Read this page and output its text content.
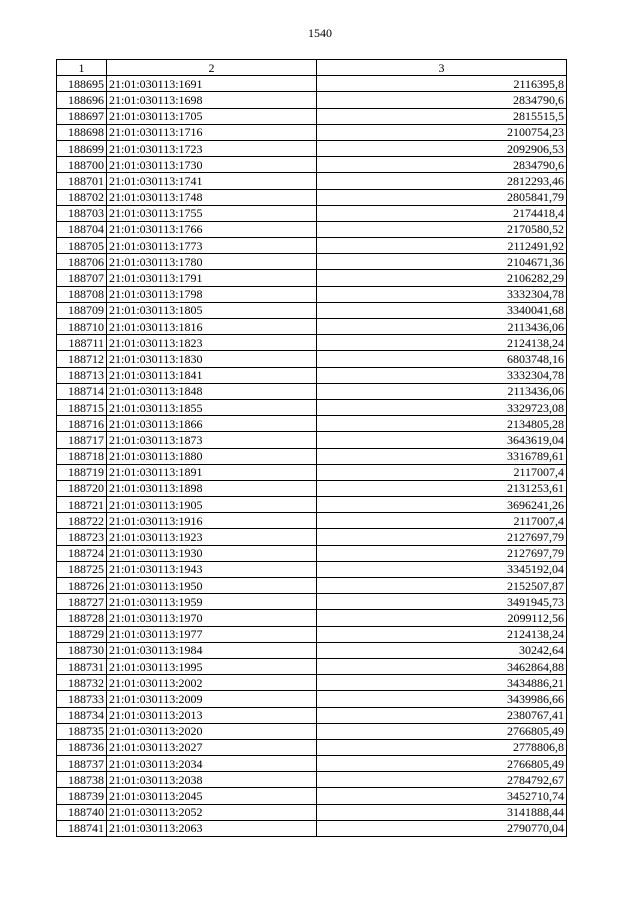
1540
1	2	3
188695	21:01:030113:1691	2116395,8
188696	21:01:030113:1698	2834790,6
188697	21:01:030113:1705	2815515,5
188698	21:01:030113:1716	2100754,23
188699	21:01:030113:1723	2092906,53
188700	21:01:030113:1730	2834790,6
188701	21:01:030113:1741	2812293,46
188702	21:01:030113:1748	2805841,79
188703	21:01:030113:1755	2174418,4
188704	21:01:030113:1766	2170580,52
188705	21:01:030113:1773	2112491,92
188706	21:01:030113:1780	2104671,36
188707	21:01:030113:1791	2106282,29
188708	21:01:030113:1798	3332304,78
188709	21:01:030113:1805	3340041,68
188710	21:01:030113:1816	2113436,06
188711	21:01:030113:1823	2124138,24
188712	21:01:030113:1830	6803748,16
188713	21:01:030113:1841	3332304,78
188714	21:01:030113:1848	2113436,06
188715	21:01:030113:1855	3329723,08
188716	21:01:030113:1866	2134805,28
188717	21:01:030113:1873	3643619,04
188718	21:01:030113:1880	3316789,61
188719	21:01:030113:1891	2117007,4
188720	21:01:030113:1898	2131253,61
188721	21:01:030113:1905	3696241,26
188722	21:01:030113:1916	2117007,4
188723	21:01:030113:1923	2127697,79
188724	21:01:030113:1930	2127697,79
188725	21:01:030113:1943	3345192,04
188726	21:01:030113:1950	2152507,87
188727	21:01:030113:1959	3491945,73
188728	21:01:030113:1970	2099112,56
188729	21:01:030113:1977	2124138,24
188730	21:01:030113:1984	30242,64
188731	21:01:030113:1995	3462864,88
188732	21:01:030113:2002	3434886,21
188733	21:01:030113:2009	3439986,66
188734	21:01:030113:2013	2380767,41
188735	21:01:030113:2020	2766805,49
188736	21:01:030113:2027	2778806,8
188737	21:01:030113:2034	2766805,49
188738	21:01:030113:2038	2784792,67
188739	21:01:030113:2045	3452710,74
188740	21:01:030113:2052	3141888,44
188741	21:01:030113:2063	2790770,04
